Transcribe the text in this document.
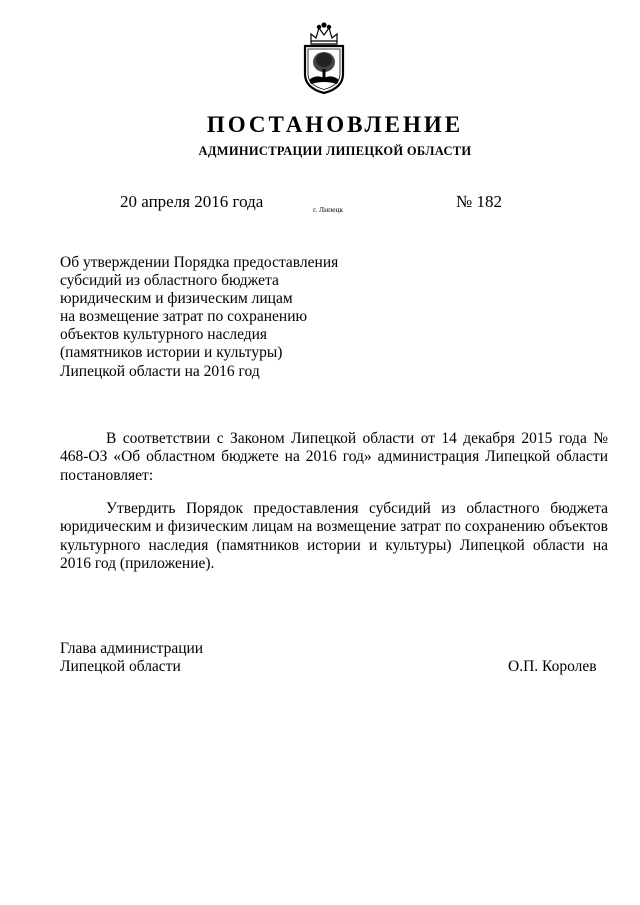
ПОСТАНОВЛЕНИЕ
АДМИНИСТРАЦИИ ЛИПЕЦКОЙ ОБЛАСТИ
20 апреля 2016 года	г. Липецк	№ 182
Об утверждении Порядка предоставления
субсидий из областного бюджета
юридическим и физическим лицам
на возмещение затрат по сохранению
объектов культурного наследия
(памятников истории и культуры)
Липецкой области на 2016 год

В соответствии с Законом Липецкой области от 14 декабря 2015 года № 468-ОЗ «Об областном бюджете на 2016 год» администрация Липецкой области постановляет:

Утвердить Порядок предоставления субсидий из областного бюджета юридическим и физическим лицам на возмещение затрат по сохранению объектов культурного наследия (памятников истории и культуры) Липецкой области на 2016 год (приложение).

Глава администрации
Липецкой области	О.П. Королев
